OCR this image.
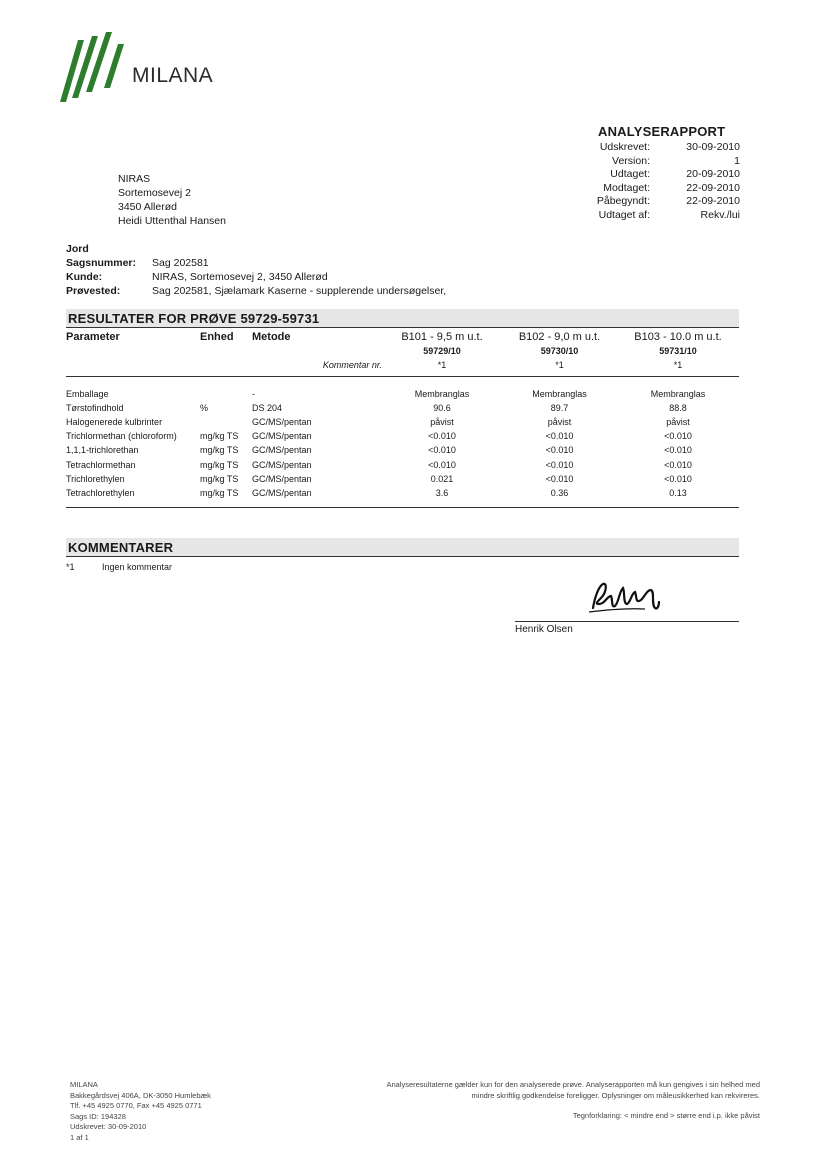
MILANA
ANALYSERAPPORT
Udskrevet:	30-09-2010
Version:	1
Udtaget:	20-09-2010
Modtaget:	22-09-2010
Påbegyndt:	22-09-2010
Udtaget af:	Rekv./lui
NIRAS
Sortemosevej 2
3450 Allerød
Heidi Uttenthal Hansen
Jord
Sagsnummer:	Sag 202581
Kunde:	NIRAS, Sortemosevej 2, 3450 Allerød
Prøvested:	Sag 202581, Sjælamark Kaserne - supplerende undersøgelser,
RESULTATER FOR PRØVE 59729-59731
Parameter	Enhed	Metode	B101 - 9,5 m u.t.	B102 - 9,0 m u.t.	B103 - 10.0 m u.t.
			59729/10	59730/10	59731/10
		Kommentar nr.	*1	*1	*1

Emballage		-	Membranglas	Membranglas	Membranglas
Tørstofindhold	%	DS 204	90.6	89.7	88.8
Halogenerede kulbrinter		GC/MS/pentan	påvist	påvist	påvist
Trichlormethan (chloroform)	mg/kg TS	GC/MS/pentan	<0.010	<0.010	<0.010
1,1,1-trichlorethan	mg/kg TS	GC/MS/pentan	<0.010	<0.010	<0.010
Tetrachlormethan	mg/kg TS	GC/MS/pentan	<0.010	<0.010	<0.010
Trichlorethylen	mg/kg TS	GC/MS/pentan	0.021	<0.010	<0.010
Tetrachlorethylen	mg/kg TS	GC/MS/pentan	3.6	0.36	0.13
KOMMENTARER
*1	Ingen kommentar
Henrik Olsen
MILANA
Bakkegårdsvej 406A, DK-3050 Humlebæk
Tlf. +45 4925 0770, Fax +45 4925 0771
Sags ID: 194328
Udskrevet: 30-09-2010
1 af 1
Analyseresultaterne gælder kun for den analyserede prøve. Analyserapporten må kun gengives i sin helhed med
mindre skriftlig godkendelse foreligger. Oplysninger om måleusikkerhed kan rekvireres.
Tegnforklaring: < mindre end > større end i.p. ikke påvist
